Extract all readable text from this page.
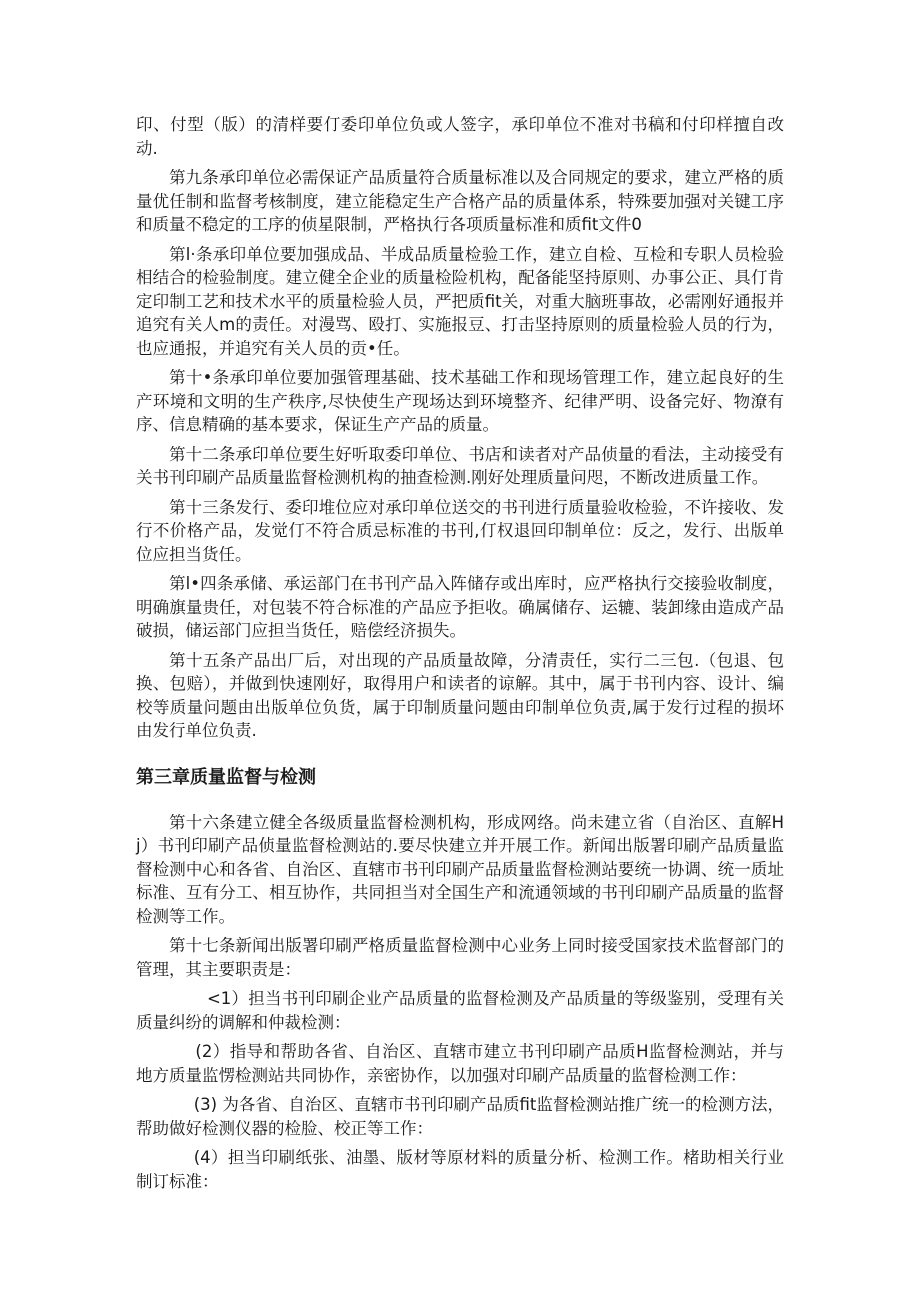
印、付型（版）的清样要仃委印单位负或人签字，承印单位不准对书稿和付印样擅自改动.

第九条承印单位必需保证产品质量符合质量标准以及合同规定的要求，建立严格的质量优任制和监督考核制度，建立能稳定生产合格产品的质量体系，特殊要加强对关键工序和质量不稳定的工序的侦星限制，严格执行各项质量标准和质fit文件0

第l·条承印单位要加强成品、半成品质量检验工作，建立自检、互检和专职人员检验相结合的检验制度。建立健全企业的质量检险机构，配备能坚持原则、办事公正、具仃肯定印制工艺和技术水平的质量检验人员，严把质fit关，对重大脑班事故，必需刚好通报并追究有关人m的责任。对漫骂、殴打、实施报豆、打击坚持原则的质量检验人员的行为，也应通报，并追究有关人员的贡•任。

第十•条承印单位要加强管理基础、技术基础工作和现场管理工作，建立起良好的生产环境和文明的生产秩序,尽快使生产现场达到环境整齐、纪律严明、设备完好、物潦有序、信息精确的基本要求，保证生产产品的质量。

第十二条承印单位要生好听取委印单位、书店和读者对产品侦量的看法，主动接受有关书刊印刷产品质量监督检测机构的抽查检测.刚好处理质量问咫，不断改进质量工作。

第十三条发行、委印堆位应对承印单位送交的书刊进行质量验收检验，不许接收、发行不价格产品，发觉仃不符合质忌标准的书刊,仃权退回印制单位：反之，发行、出版单位应担当货任。

第l•四条承储、承运部门在书刊产品入阵储存或出库时，应严格执行交接验收制度，明确旗量贵任，对包装不符合标准的产品应予拒收。确属储存、运辘、装卸缘由造成产品破损，储运部门应担当货任，赔偿经济损失。

第十五条产品出厂后，对出现的产品质量故障，分清责任，实行二三包.（包退、包换、包赔），并做到快速刚好，取得用户和读者的谅解。其中，属于书刊内容、设计、编校等质量问题由出版单位负货，属于印制质量问题由印制单位负责,属于发行过程的损坏由发行单位负责.

第三章质量监督与检测

第十六条建立健全各级质量监督检测机构，形成网络。尚未建立省（自治区、直解Hj）书刊印刷产品侦量监督检测站的.要尽快建立并开展工作。新闻出版署印刷产品质量监督检测中心和各省、自治区、直辖市书刊印刷产品质量监督检测站要统一协调、统一质址标准、互有分工、相互协作，共同担当对全国生产和流通领域的书刊印刷产品质量的监督检测等工作。

第十七条新闻出版署印刷严格质量监督检测中心业务上同时接受国家技术监督部门的管理，其主要职责是：

<1）担当书刊印刷企业产品质量的监督检测及产品质量的等级鉴别，受理有关质量纠纷的调解和仲裁检测：

(2）指导和帮助各省、自治区、直辖市建立书刊印刷产品质H监督检测站，并与地方质量监愣检测站共同协作，亲密协作，以加强对印刷产品质量的监督检测工作：

(3) 为各省、自治区、直辖市书刊印刷产品质fit监督检测站推广统一的检测方法，帮助做好检测仪器的检脸、校正等工作：

(4）担当印刷纸张、油墨、版材等原材料的质量分析、检测工作。楮助相关行业制订标准：
